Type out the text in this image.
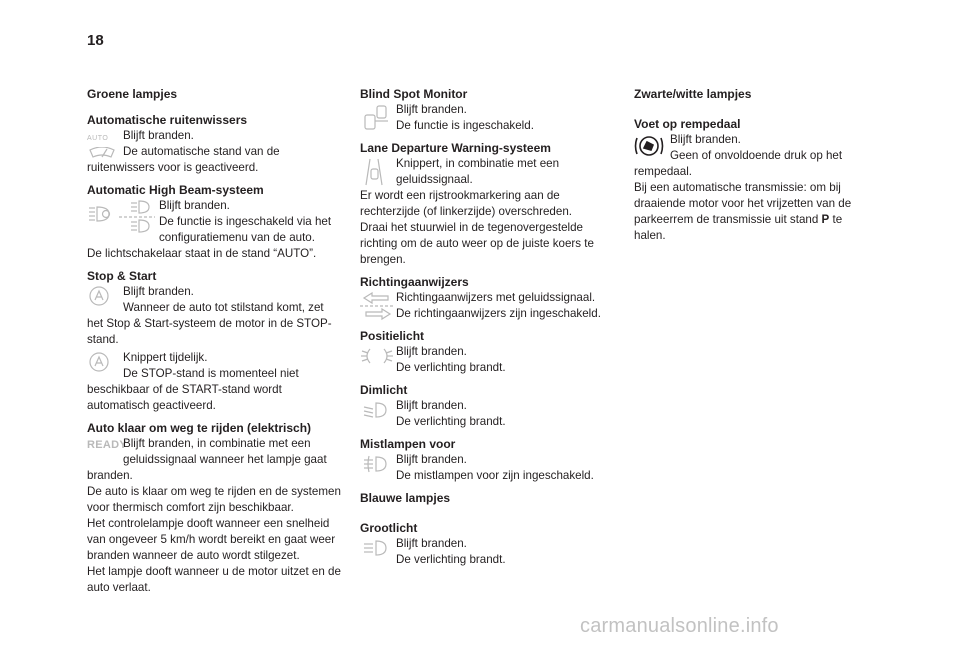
18

Groene lampjes

Automatische ruitenwissers

AUTO	Blijft branden.

De automatische stand van de ruitenwissers voor is geactiveerd.

Automatic High Beam-systeem

Blijft branden.

De functie is ingeschakeld via het configuratiemenu van de auto.

De lichtschakelaar staat in de stand “AUTO”.

Stop & Start

Blijft branden.

Wanneer de auto tot stilstand komt, zet het Stop & Start-systeem de motor in de STOP-stand.

Knippert tijdelijk.

De STOP-stand is momenteel niet beschikbaar of de START-stand wordt automatisch geactiveerd.

Auto klaar om weg te rijden (elektrisch)

READY

Blijft branden, in combinatie met een geluidssignaal wanneer het lampje gaat branden.

De auto is klaar om weg te rijden en de systemen voor thermisch comfort zijn beschikbaar.

Het controlelampje dooft wanneer een snelheid van ongeveer 5 km/h wordt bereikt en gaat weer branden wanneer de auto wordt stilgezet.

Het lampje dooft wanneer u de motor uitzet en de auto verlaat.

Blind Spot Monitor

Blijft branden.

De functie is ingeschakeld.

Lane Departure Warning-systeem

Knippert, in combinatie met een geluidssignaal.

Er wordt een rijstrookmarkering aan de rechterzijde (of linkerzijde) overschreden.

Draai het stuurwiel in de tegenovergestelde richting om de auto weer op de juiste koers te brengen.

Richtingaanwijzers

Richtingaanwijzers met geluidssignaal.

De richtingaanwijzers zijn ingeschakeld.

Positielicht

Blijft branden.

De verlichting brandt.

Dimlicht

Blijft branden.

De verlichting brandt.

Mistlampen voor

Blijft branden.

De mistlampen voor zijn ingeschakeld.

Blauwe lampjes

Grootlicht

Blijft branden.

De verlichting brandt.

Zwarte/witte lampjes

Voet op rempedaal

Blijft branden.

Geen of onvoldoende druk op het rempedaal.

Bij een automatische transmissie: om bij draaiende motor voor het vrijzetten van de parkeerrem de transmissie uit stand P te halen.

carmanualsonline.info
